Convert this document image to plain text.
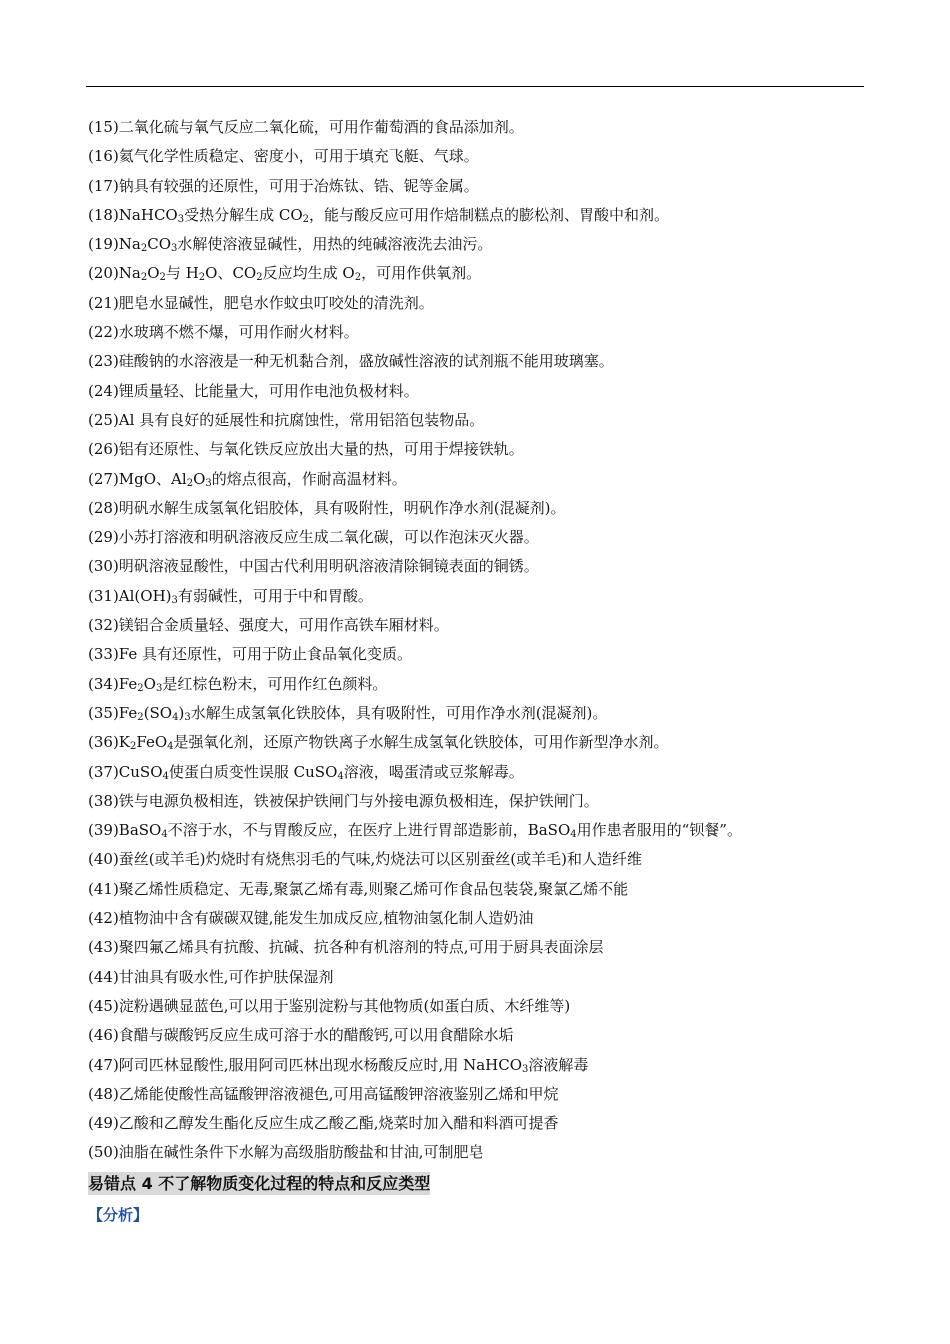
(15)二氧化硫与氧气反应二氧化硫，可用作葡萄酒的食品添加剂。
(16)氦气化学性质稳定、密度小，可用于填充飞艇、气球。
(17)钠具有较强的还原性，可用于冶炼钛、锆、铌等金属。
(18)NaHCO$_3$受热分解生成 $CO_2$，能与酸反应可用作焙制糕点的膨松剂、胃酸中和剂。
$(19)Na_2CO_3$水解使溶液显碱性，用热的纯碱溶液洗去油污。
$(20)Na_2O_2$与 $H_2O$、$CO_2$反应均生成 $O_2$，可用作供氧剂。
(21)肥皂水显碱性，肥皂水作蚊虫叮咬处的清洗剂。
(22)水玻璃不燃不爆，可用作耐火材料。
(23)硅酸钠的水溶液是一种无机黏合剂，盛放碱性溶液的试剂瓶不能用玻璃塞。
(24)锂质量轻、比能量大，可用作电池负极材料。
(25)Al 具有良好的延展性和抗腐蚀性，常用铝箔包装物品。
(26)铝有还原性、与氧化铁反应放出大量的热，可用于焊接铁轨。
(27)MgO、$Al_2O_3$的熔点很高，作耐高温材料。
(28)明矾水解生成氢氧化铝胶体，具有吸附性，明矾作净水剂(混凝剂)。
(29)小苏打溶液和明矾溶液反应生成二氧化碳，可以作泡沫灭火器。
(30)明矾溶液显酸性，中国古代利用明矾溶液清除铜镜表面的铜锈。
$(31)Al(OH)_3$有弱碱性，可用于中和胃酸。
(32)镁铝合金质量轻、强度大，可用作高铁车厢材料。
(33)Fe 具有还原性，可用于防止食品氧化变质。
$(34)Fe_2O_3$是红棕色粉末，可用作红色颜料。
$(35)Fe_2(SO_4)_3$水解生成氢氧化铁胶体，具有吸附性，可用作净水剂(混凝剂)。
$(36)K_2FeO_4$是强氧化剂，还原产物铁离子水解生成氢氧化铁胶体，可用作新型净水剂。
(37)CuSO$_4$使蛋白质变性误服 CuSO$_4$溶液，喝蛋清或豆浆解毒。
(38)铁与电源负极相连，铁被保护铁闸门与外接电源负极相连，保护铁闸门。
(39)BaSO$_4$不溶于水，不与胃酸反应，在医疗上进行胃部造影前，BaSO$_4$用作患者服用的“钡餐”。
(40)蚕丝(或羊毛)灼烧时有烧焦羽毛的气味,灼烧法可以区别蚕丝(或羊毛)和人造纤维
(41)聚乙烯性质稳定、无毒,聚氯乙烯有毒,则聚乙烯可作食品包装袋,聚氯乙烯不能
(42)植物油中含有碳碳双键,能发生加成反应,植物油氢化制人造奶油
(43)聚四氟乙烯具有抗酸、抗碱、抗各种有机溶剂的特点,可用于厨具表面涂层
(44)甘油具有吸水性,可作护肤保湿剂
(45)淀粉遇碘显蓝色,可以用于鉴别淀粉与其他物质(如蛋白质、木纤维等)
(46)食醋与碳酸钙反应生成可溶于水的醋酸钙,可以用食醋除水垢
(47)阿司匹林显酸性,服用阿司匹林出现水杨酸反应时,用 NaHCO$_3$溶液解毒
(48)乙烯能使酸性高锰酸钾溶液褪色,可用高锰酸钾溶液鉴别乙烯和甲烷
(49)乙酸和乙醇发生酯化反应生成乙酸乙酯,烧菜时加入醋和料酒可提香
(50)油脂在碱性条件下水解为高级脂肪酸盐和甘油,可制肥皂
易错点 4 不了解物质变化过程的特点和反应类型
【分析】
